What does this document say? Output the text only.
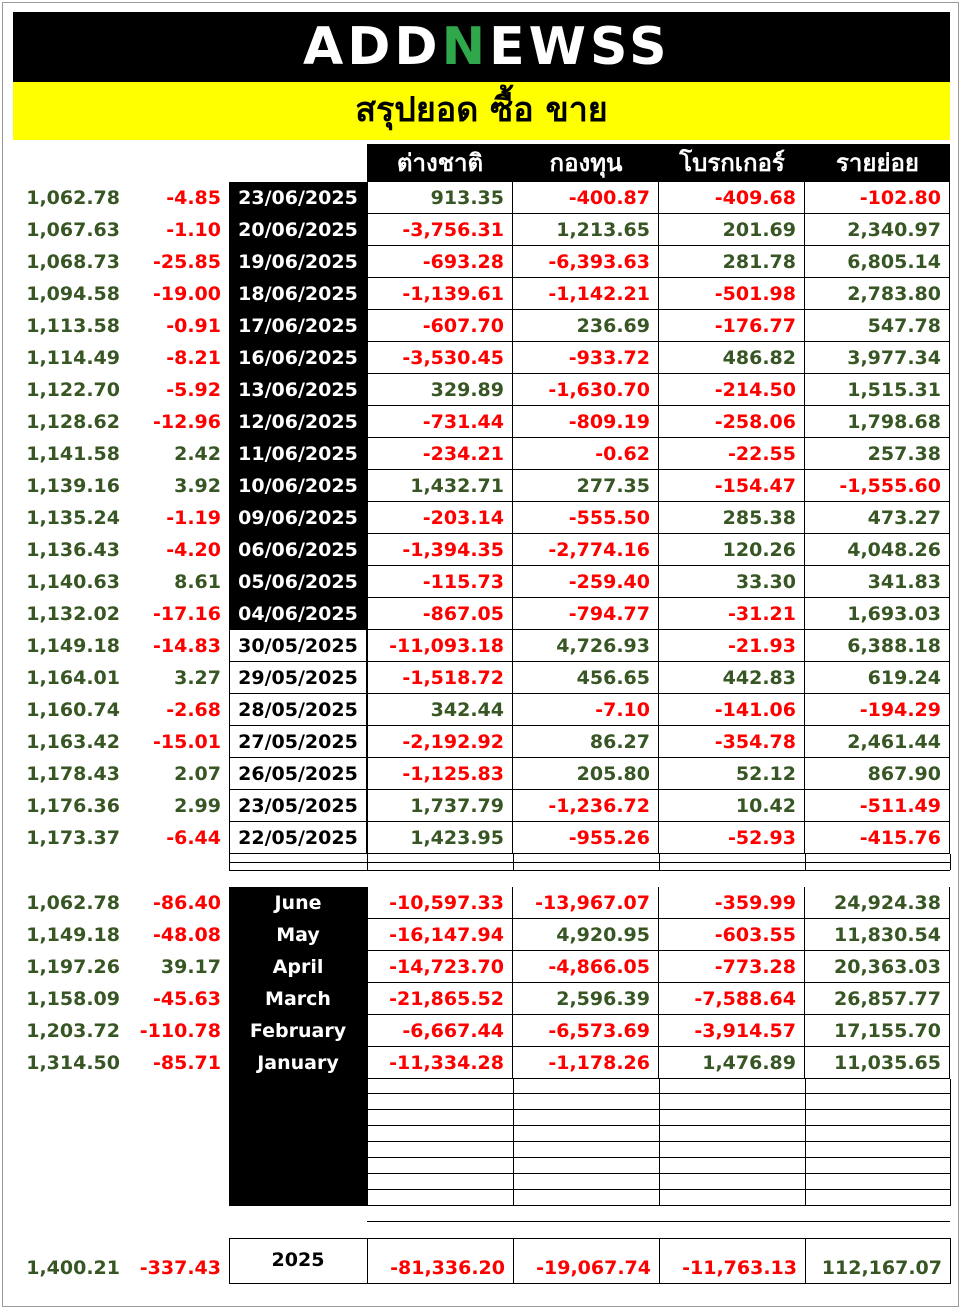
ADDNEWSS
สรุปยอด ซื้อ ขาย
ต่างชาติ	กองทุน	โบรกเกอร์	รายย่อย
1,062.78	-4.85 23/06/2025	913.35	-400.87	-409.68	-102.80
1,067.63	-1.10 20/06/2025	-3,756.31	1,213.65	201.69	2,340.97
1,068.73	-25.85 19/06/2025	-693.28	-6,393.63	281.78	6,805.14
1,094.58	-19.00 18/06/2025	-1,139.61	-1,142.21	-501.98	2,783.80
1,113.58	-0.91 17/06/2025	-607.70	236.69	-176.77	547.78
1,114.49	-8.21 16/06/2025	-3,530.45	-933.72	486.82	3,977.34
1,122.70	-5.92 13/06/2025	329.89	-1,630.70	-214.50	1,515.31
1,128.62	-12.96 12/06/2025	-731.44	-809.19	-258.06	1,798.68
1,141.58	2.42 11/06/2025	-234.21	-0.62	-22.55	257.38
1,139.16	3.92 10/06/2025	1,432.71	277.35	-154.47	-1,555.60
1,135.24	-1.19 09/06/2025	-203.14	-555.50	285.38	473.27
1,136.43	-4.20 06/06/2025	-1,394.35	-2,774.16	120.26	4,048.26
1,140.63	8.61 05/06/2025	-115.73	-259.40	33.30	341.83
1,132.02	-17.16 04/06/2025	-867.05	-794.77	-31.21	1,693.03
1,149.18	-14.83 30/05/2025	-11,093.18	4,726.93	-21.93	6,388.18
1,164.01	3.27 29/05/2025	-1,518.72	456.65	442.83	619.24
1,160.74	-2.68 28/05/2025	342.44	-7.10	-141.06	-194.29
1,163.42	-15.01 27/05/2025	-2,192.92	86.27	-354.78	2,461.44
1,178.43	2.07 26/05/2025	-1,125.83	205.80	52.12	867.90
1,176.36	2.99 23/05/2025	1,737.79	-1,236.72	10.42	-511.49
1,173.37	-6.44 22/05/2025	1,423.95	-955.26	-52.93	-415.76
1,062.78	-86.40	June	-10,597.33	-13,967.07	-359.99	24,924.38
1,149.18	-48.08	May	-16,147.94	4,920.95	-603.55	11,830.54
1,197.26	39.17	April	-14,723.70	-4,866.05	-773.28	20,363.03
1,158.09	-45.63	March	-21,865.52	2,596.39	-7,588.64	26,857.77
1,203.72	-110.78	February	-6,667.44	-6,573.69	-3,914.57	17,155.70
1,314.50	-85.71	January	-11,334.28	-1,178.26	1,476.89	11,035.65
1,400.21	-337.43	2025	-81,336.20	-19,067.74	-11,763.13	112,167.07
